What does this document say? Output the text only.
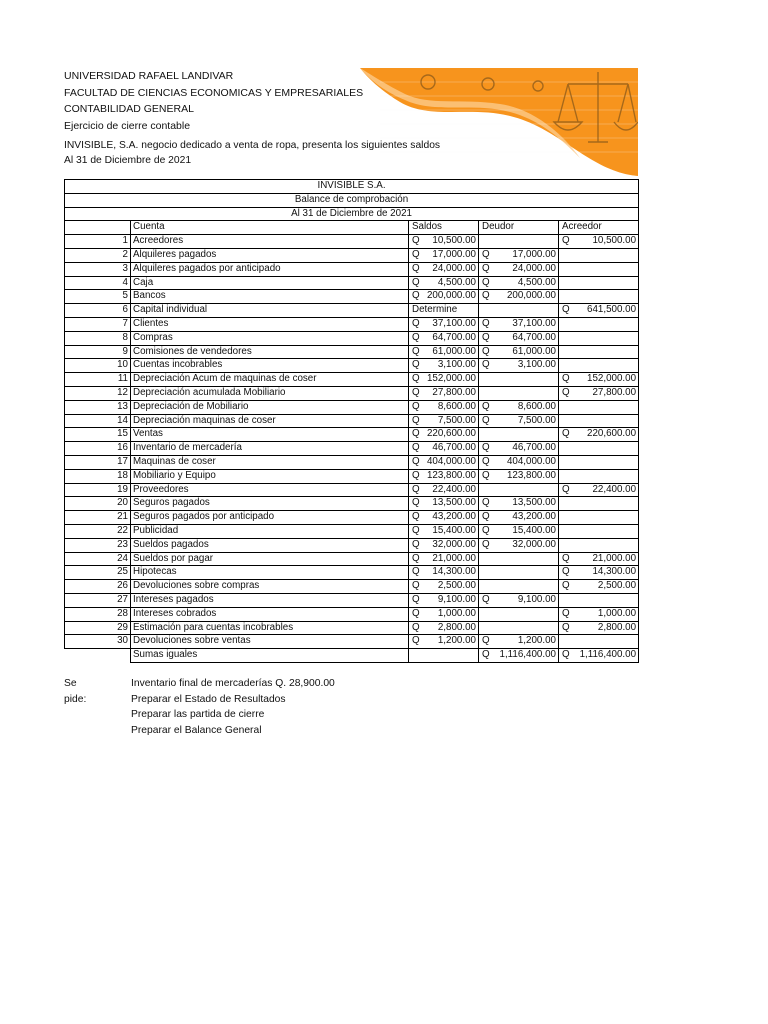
UNIVERSIDAD RAFAEL LANDIVAR
FACULTAD DE CIENCIAS ECONOMICAS Y EMPRESARIALES
CONTABILIDAD GENERAL
Ejercicio de cierre contable
INVISIBLE, S.A. negocio dedicado a venta de ropa, presenta los siguientes saldos
Al 31 de Diciembre de 2021
INVISIBLE S.A.							
Balance de comprobación							
Al 31 de Diciembre de 2021							
	Cuenta	Saldos		Deudor		Acreedor	
1	Acreedores	Q	10,500.00			Q	10,500.00
2	Alquileres pagados	Q	17,000.00	Q	17,000.00		
3	Alquileres pagados por anticipado	Q	24,000.00	Q	24,000.00		
4	Caja	Q	4,500.00	Q	4,500.00		
5	Bancos	Q	200,000.00	Q	200,000.00		
6	Capital individual	Determine				Q	641,500.00
7	Clientes	Q	37,100.00	Q	37,100.00		
8	Compras	Q	64,700.00	Q	64,700.00		
9	Comisiones de vendedores	Q	61,000.00	Q	61,000.00		
10	Cuentas incobrables	Q	3,100.00	Q	3,100.00		
11	Depreciación Acum de maquinas de coser	Q	152,000.00			Q	152,000.00
12	Depreciación acumulada Mobiliario	Q	27,800.00			Q	27,800.00
13	Depreciación de Mobiliario	Q	8,600.00	Q	8,600.00		
14	Depreciación maquinas de coser	Q	7,500.00	Q	7,500.00		
15	Ventas	Q	220,600.00			Q	220,600.00
16	Inventario de mercadería	Q	46,700.00	Q	46,700.00		
17	Maquinas de coser	Q	404,000.00	Q	404,000.00		
18	Mobiliario y Equipo	Q	123,800.00	Q	123,800.00		
19	Proveedores	Q	22,400.00			Q	22,400.00
20	Seguros pagados	Q	13,500.00	Q	13,500.00		
21	Seguros pagados por anticipado	Q	43,200.00	Q	43,200.00		
22	Publicidad	Q	15,400.00	Q	15,400.00		
23	Sueldos pagados	Q	32,000.00	Q	32,000.00		
24	Sueldos por pagar	Q	21,000.00			Q	21,000.00
25	Hipotecas	Q	14,300.00			Q	14,300.00
26	Devoluciones sobre compras	Q	2,500.00			Q	2,500.00
27	Intereses pagados	Q	9,100.00	Q	9,100.00		
28	Intereses cobrados	Q	1,000.00			Q	1,000.00
29	Estimación para cuentas incobrables	Q	2,800.00			Q	2,800.00
30	Devoluciones sobre ventas	Q	1,200.00	Q	1,200.00		
	Sumas iguales			Q	1,116,400.00	Q	1,116,400.00
Se pide:
Inventario final de mercaderías Q. 28,900.00
Preparar el Estado de Resultados
Preparar las partida de cierre
Preparar el Balance General
